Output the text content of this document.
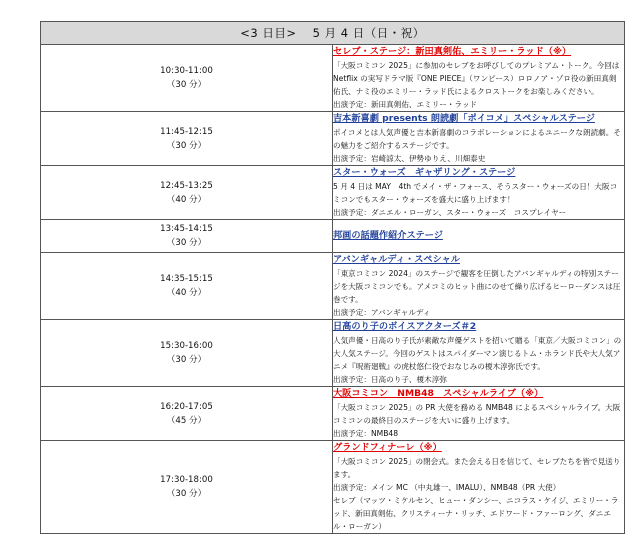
<3 日目>　 5 月 4 日（日・祝）	

10:30-11:00
（30 分）	セレブ・ステージ：新田真剣佑、エミリー・ラッド（※）
「大阪コミコン 2025」に参加のセレブをお呼びしてのプレミアム・トーク。今回は Netflix の実写ドラマ版『ONE PIECE』（ワンピース）ロロノア・ゾロ役の新田真剣佑氏、ナミ役のエミリー・ラッド氏によるクロストークをお楽しみください。
出演予定：新田真剣佑、エミリー・ラッド

11:45-12:15
（30 分）	吉本新喜劇 presents 朗読劇「ポイコメ」スペシャルステージ
ポイコメとは人気声優と吉本新喜劇のコラボレーションによるユニークな朗読劇。その魅力をご紹介するステージです。
出演予定：岩崎諒太、伊勢ゆりえ、川畑泰史

12:45-13:25
（40 分）	スター・ウォーズ　ギャザリング・ステージ
5 月 4 日は MAY　4th でメイ・ザ・フォース、そうスター・ウォーズの日！大阪コミコンでもスター・ウォーズを盛大に盛り上げます！
出演予定：ダニエル・ローガン、スター・ウォーズ　コスプレイヤー

13:45-14:15
（30 分）	邦画の話題作紹介ステージ

14:35-15:15
（40 分）	アバンギャルディ・スペシャル
「東京コミコン 2024」のステージで観客を圧倒したアバンギャルディの特別ステージを大阪コミコンでも。アメコミのヒット曲にのせて繰り広げるヒーローダンスは圧巻です。
出演予定：アバンギャルディ

15:30-16:00
（30 分）	日高のり子のボイスアクターズ＃2
人気声優・日高のり子氏が素敵な声優ゲストを招いて贈る「東京／大阪コミコン」の大人気ステージ。今回のゲストはスパイダーマン演じるトム・ホランド氏や大人気アニメ『呪術廻戦』の虎杖悠仁役でおなじみの榎木淳弥氏です。
出演予定：日高のり子、榎木淳弥

16:20-17:05
（45 分）	大阪コミコン　NMB48　スペシャルライブ（※）
「大阪コミコン 2025」の PR 大使を務める NMB48 によるスペシャルライブ。大阪コミコンの最終日のステージを大いに盛り上げます。
出演予定：NMB48

17:30-18:00
（30 分）	グランドフィナーレ（※）
「大阪コミコン 2025」の閉会式。また会える日を信じて、セレブたちを皆で見送ります。
出演予定：メイン MC （中丸雄一、IMALU）、NMB48（PR 大使）
セレブ（マッツ・ミケルセン、ヒュー・ダンシー、ニコラス・ケイジ、エミリー・ラッド、新田真剣佑、クリスティーナ・リッチ、エドワード・ファーロング、ダニエル・ローガン）
